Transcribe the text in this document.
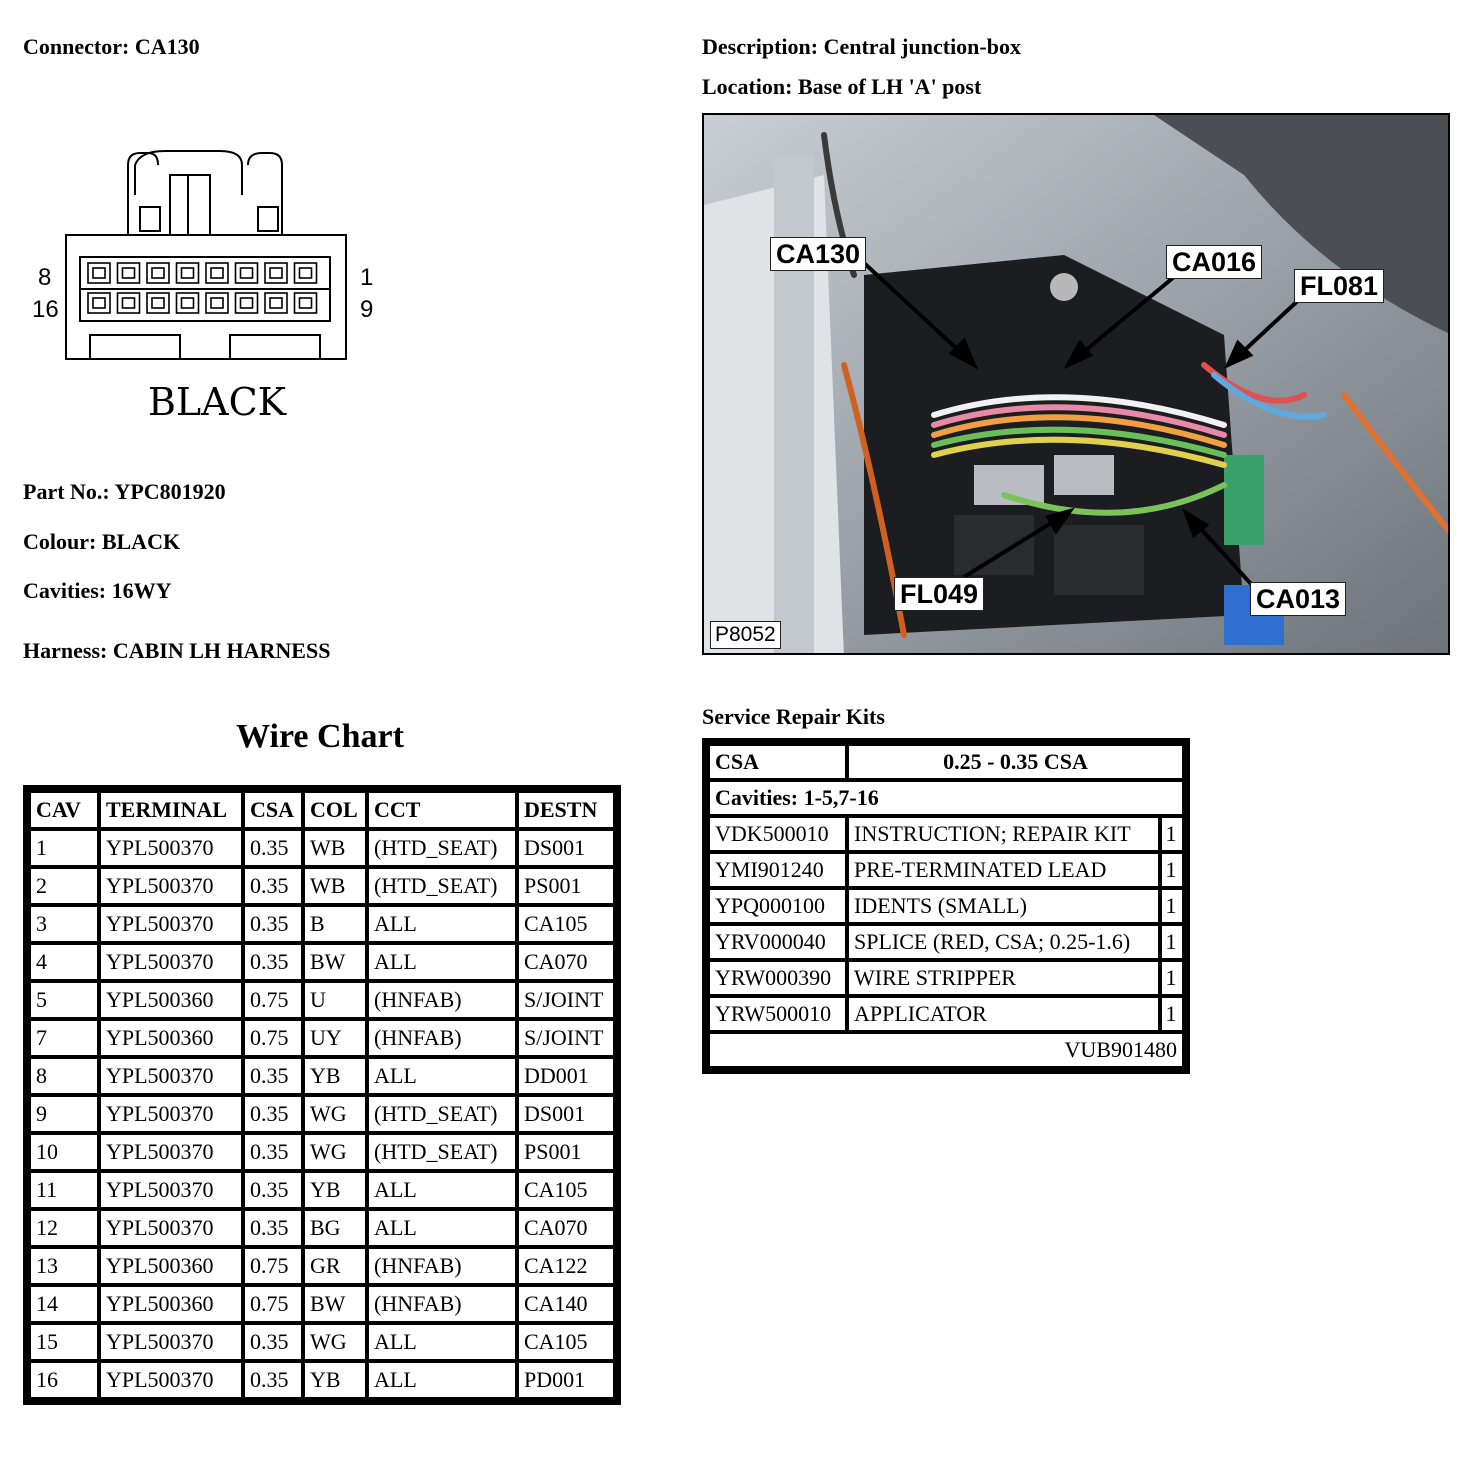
Connector: CA130	Description: Central junction-box
Location: Base of LH 'A' post
8
16
1
9
BLACK
CA130	CA016
FL081
FL049	CA013
P8052
Part No.: YPC801920
Colour: BLACK
Cavities: 16WY
Harness: CABIN LH HARNESS
Wire Chart
CAV	TERMINAL	CSA	COL	CCT	DESTN
1	YPL500370	0.35	WB	(HTD_SEAT)	DS001
2	YPL500370	0.35	WB	(HTD_SEAT)	PS001
3	YPL500370	0.35	B	ALL	CA105
4	YPL500370	0.35	BW	ALL	CA070
5	YPL500360	0.75	U	(HNFAB)	S/JOINT
7	YPL500360	0.75	UY	(HNFAB)	S/JOINT
8	YPL500370	0.35	YB	ALL	DD001
9	YPL500370	0.35	WG	(HTD_SEAT)	DS001
10	YPL500370	0.35	WG	(HTD_SEAT)	PS001
11	YPL500370	0.35	YB	ALL	CA105
12	YPL500370	0.35	BG	ALL	CA070
13	YPL500360	0.75	GR	(HNFAB)	CA122
14	YPL500360	0.75	BW	(HNFAB)	CA140
15	YPL500370	0.35	WG	ALL	CA105
16	YPL500370	0.35	YB	ALL	PD001
Service Repair Kits
CSA	0.25 - 0.35 CSA	
Cavities: 1-5,7-16		
VDK500010	INSTRUCTION; REPAIR KIT	1
YMI901240	PRE-TERMINATED LEAD	1
YPQ000100	IDENTS (SMALL)	1
YRV000040	SPLICE (RED, CSA; 0.25-1.6)	1
YRW000390	WIRE STRIPPER	1
YRW500010	APPLICATOR	1
VUB901480		
